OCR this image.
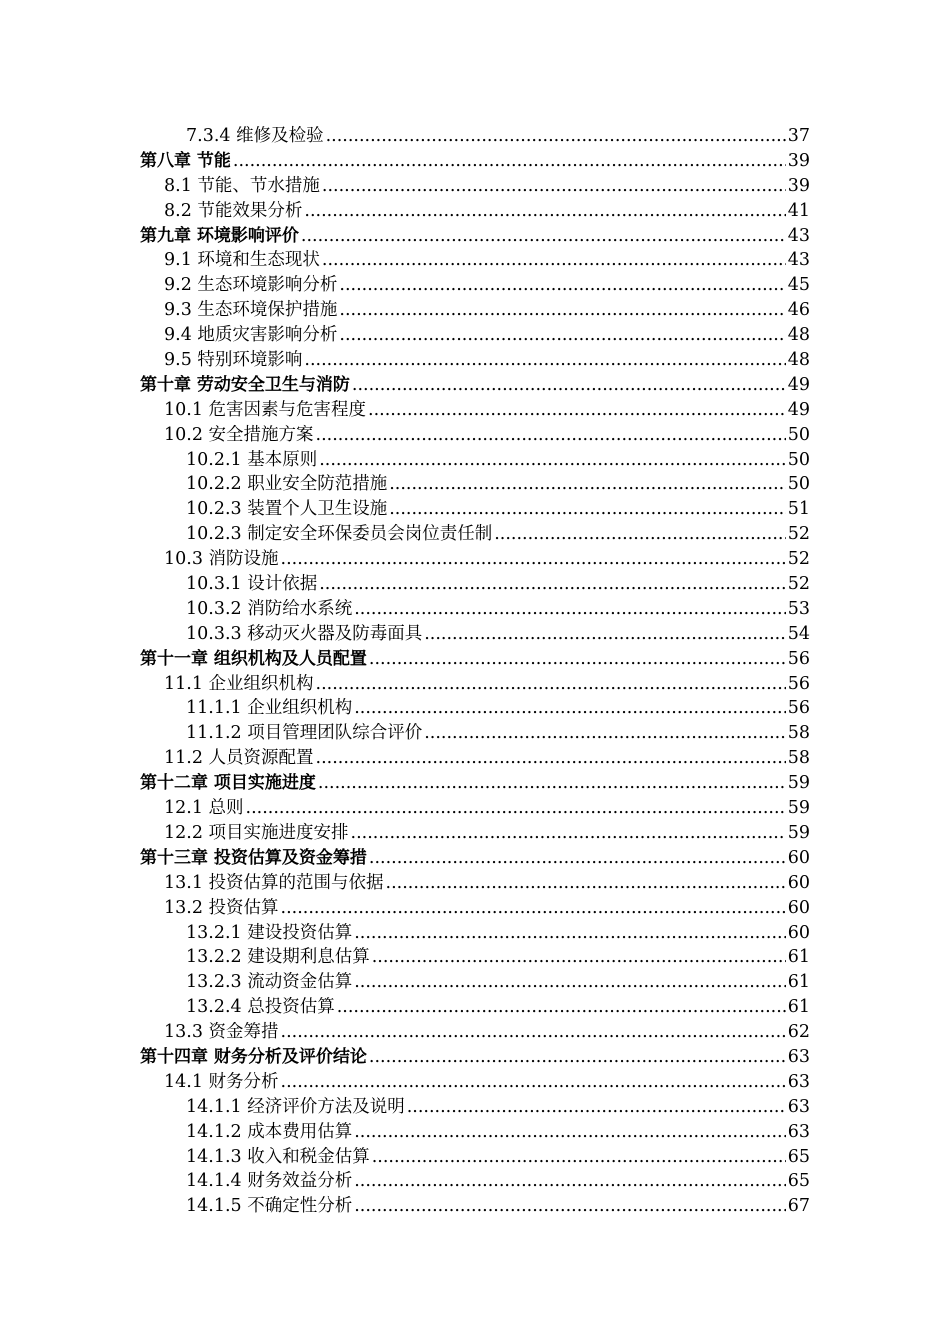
7.3.4 维修及检验 .....	37
第八章 节能 .....	39
8.1 节能、节水措施 .....	39
8.2 节能效果分析 .....	41
第九章 环境影响评价 .....	43
9.1 环境和生态现状 .....	43
9.2 生态环境影响分析 .....	45
9.3 生态环境保护措施 .....	46
9.4 地质灾害影响分析 .....	48
9.5 特别环境影响 .....	48
第十章 劳动安全卫生与消防 .....	49
10.1 危害因素与危害程度 .....	49
10.2 安全措施方案 .....	50
10.2.1 基本原则 .....	50
10.2.2 职业安全防范措施 .....	50
10.2.3 装置个人卫生设施 .....	51
10.2.3 制定安全环保委员会岗位责任制 .....	52
10.3 消防设施 .....	52
10.3.1 设计依据 .....	52
10.3.2 消防给水系统 .....	53
10.3.3 移动灭火器及防毒面具 .....	54
第十一章 组织机构及人员配置 .....	56
11.1 企业组织机构 .....	56
11.1.1 企业组织机构 .....	56
11.1.2 项目管理团队综合评价 .....	58
11.2 人员资源配置 .....	58
第十二章 项目实施进度 .....	59
12.1 总则 .....	59
12.2 项目实施进度安排 .....	59
第十三章 投资估算及资金筹措 .....	60
13.1 投资估算的范围与依据 .....	60
13.2 投资估算 .....	60
13.2.1 建设投资估算 .....	60
13.2.2 建设期利息估算 .....	61
13.2.3 流动资金估算 .....	61
13.2.4 总投资估算 .....	61
13.3 资金筹措 .....	62
第十四章 财务分析及评价结论 .....	63
14.1 财务分析 .....	63
14.1.1 经济评价方法及说明 .....	63
14.1.2 成本费用估算 .....	63
14.1.3 收入和税金估算 .....	65
14.1.4 财务效益分析 .....	65
14.1.5 不确定性分析 .....	67
